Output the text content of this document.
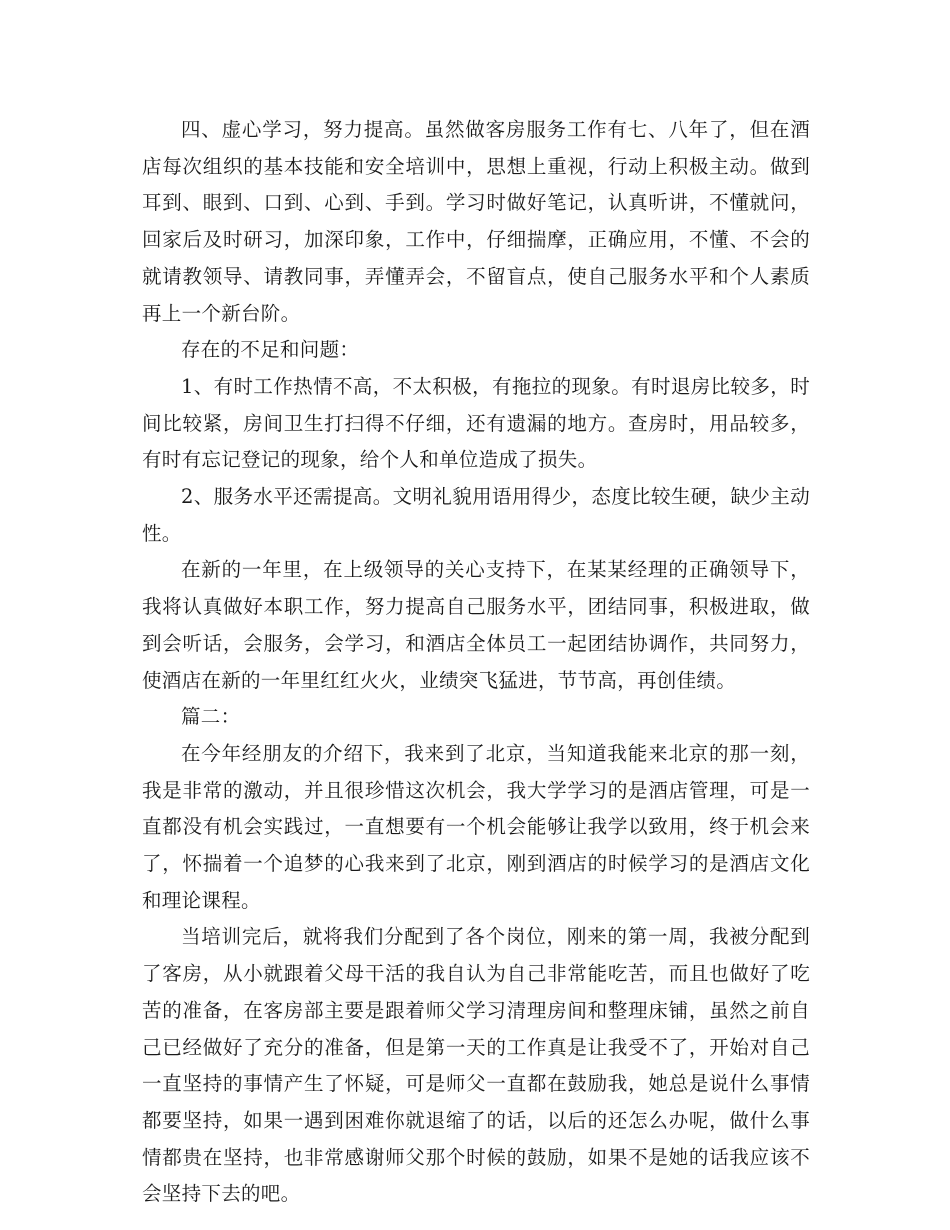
四、虚心学习，努力提高。虽然做客房服务工作有七、八年了，但在酒店每次组织的基本技能和安全培训中，思想上重视，行动上积极主动。做到耳到、眼到、口到、心到、手到。学习时做好笔记，认真听讲，不懂就问，回家后及时研习，加深印象，工作中，仔细揣摩，正确应用，不懂、不会的就请教领导、请教同事，弄懂弄会，不留盲点，使自己服务水平和个人素质再上一个新台阶。

存在的不足和问题：

1、有时工作热情不高，不太积极，有拖拉的现象。有时退房比较多，时间比较紧，房间卫生打扫得不仔细，还有遗漏的地方。查房时，用品较多，有时有忘记登记的现象，给个人和单位造成了损失。

2、服务水平还需提高。文明礼貌用语用得少，态度比较生硬，缺少主动性。

在新的一年里，在上级领导的关心支持下，在某某经理的正确领导下，我将认真做好本职工作，努力提高自己服务水平，团结同事，积极进取，做到会听话，会服务，会学习，和酒店全体员工一起团结协调作，共同努力，使酒店在新的一年里红红火火，业绩突飞猛进，节节高，再创佳绩。

篇二：

在今年经朋友的介绍下，我来到了北京，当知道我能来北京的那一刻，我是非常的激动，并且很珍惜这次机会，我大学学习的是酒店管理，可是一直都没有机会实践过，一直想要有一个机会能够让我学以致用，终于机会来了，怀揣着一个追梦的心我来到了北京，刚到酒店的时候学习的是酒店文化和理论课程。

当培训完后，就将我们分配到了各个岗位，刚来的第一周，我被分配到了客房，从小就跟着父母干活的我自认为自己非常能吃苦，而且也做好了吃苦的准备，在客房部主要是跟着师父学习清理房间和整理床铺，虽然之前自己已经做好了充分的准备，但是第一天的工作真是让我受不了，开始对自己一直坚持的事情产生了怀疑，可是师父一直都在鼓励我，她总是说什么事情都要坚持，如果一遇到困难你就退缩了的话，以后的还怎么办呢，做什么事情都贵在坚持，也非常感谢师父那个时候的鼓励，如果不是她的话我应该不会坚持下去的吧。
